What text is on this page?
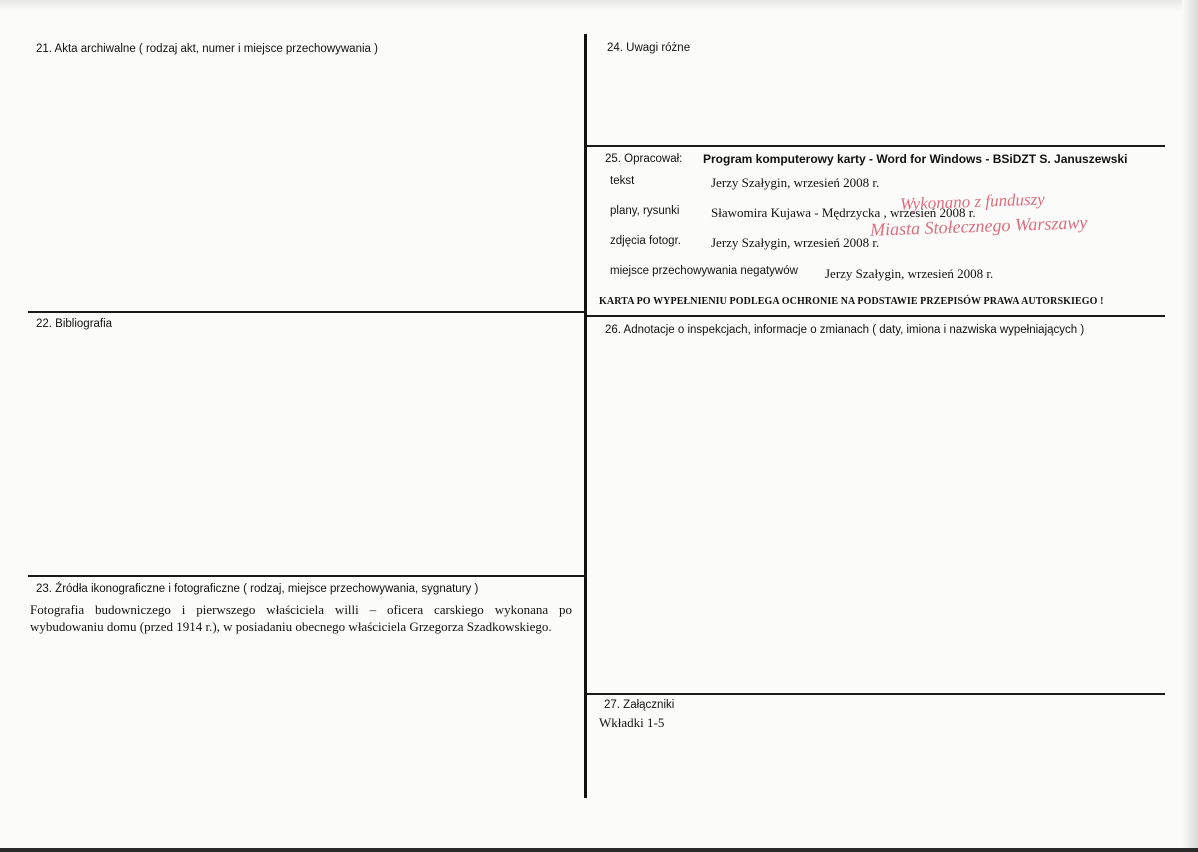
21. Akta archiwalne ( rodzaj akt, numer i miejsce przechowywania )
22. Bibliografia
23. Źródła ikonograficzne i fotograficzne ( rodzaj, miejsce przechowywania, sygnatury )
Fotografia budowniczego i pierwszego właściciela willi – oficera carskiego wykonana po wybudowaniu domu (przed 1914 r.), w posiadaniu obecnego właściciela Grzegorza Szadkowskiego.
24. Uwagi różne
25. Opracował: Program komputerowy karty - Word for Windows - BSiDZT S. Januszewski
tekst	Jerzy Szałygin, wrzesień 2008 r.
plany, rysunki Sławomira Kujawa - Mędrzycka , wrzesień 2008 r.
zdjęcia fotogr. Jerzy Szałygin, wrzesień 2008 r.
miejsce przechowywania negatywów Jerzy Szałygin, wrzesień 2008 r.
KARTA PO WYPEŁNIENIU PODLEGA OCHRONIE NA PODSTAWIE PRZEPISÓW PRAWA AUTORSKIEGO !
Wykonano z funduszy
Miasta Stołecznego Warszawy
26. Adnotacje o inspekcjach, informacje o zmianach ( daty, imiona i nazwiska wypełniających )
27. Załączniki
Wkładki 1-5
